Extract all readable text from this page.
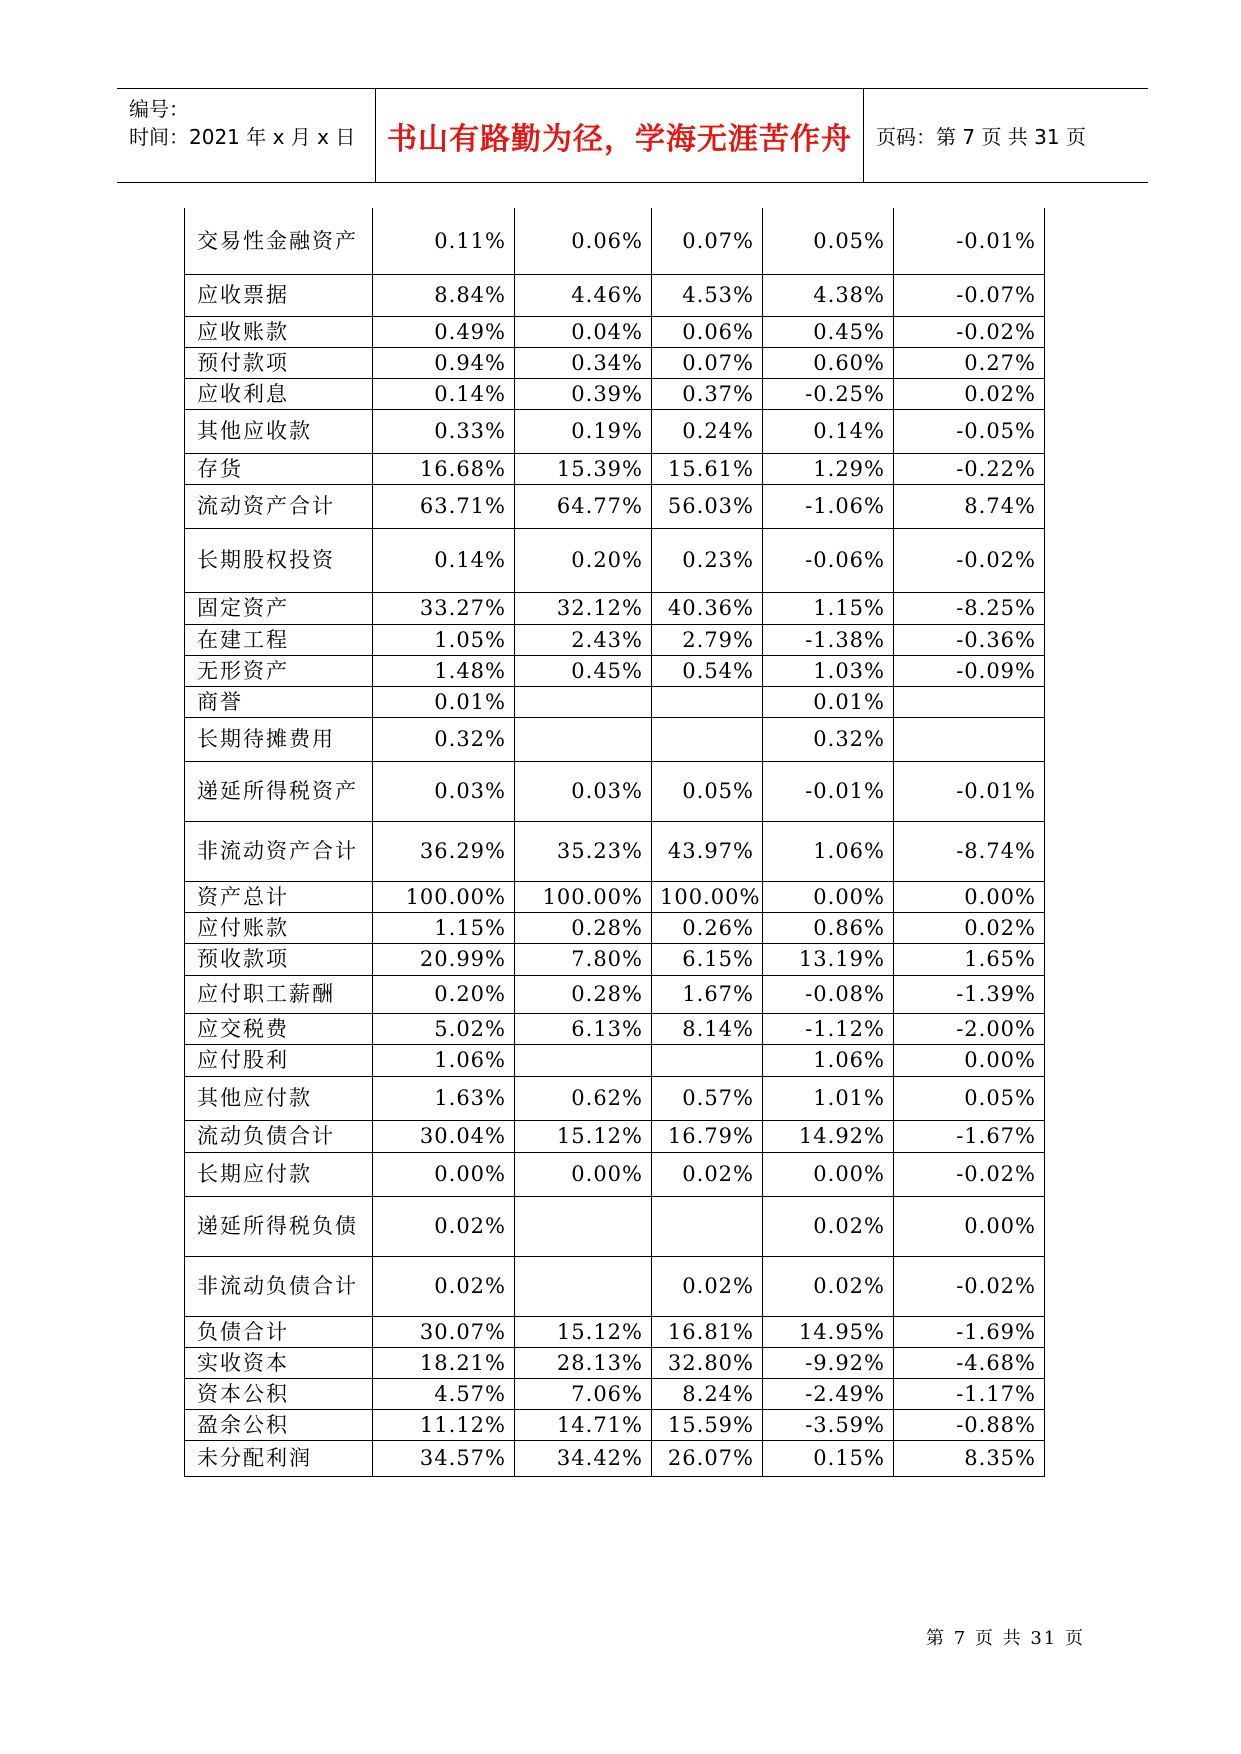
编号：
时间：2021 年 x 月 x 日	书山有路勤为径，学海无涯苦作舟	页码：第 7 页 共 31 页
交易性金融资产	0.11%	0.06%	0.07%	0.05%	-0.01%
应收票据	8.84%	4.46%	4.53%	4.38%	-0.07%
应收账款	0.49%	0.04%	0.06%	0.45%	-0.02%
预付款项	0.94%	0.34%	0.07%	0.60%	0.27%
应收利息	0.14%	0.39%	0.37%	-0.25%	0.02%
其他应收款	0.33%	0.19%	0.24%	0.14%	-0.05%
存货	16.68%	15.39%	15.61%	1.29%	-0.22%
流动资产合计	63.71%	64.77%	56.03%	-1.06%	8.74%
长期股权投资	0.14%	0.20%	0.23%	-0.06%	-0.02%
固定资产	33.27%	32.12%	40.36%	1.15%	-8.25%
在建工程	1.05%	2.43%	2.79%	-1.38%	-0.36%
无形资产	1.48%	0.45%	0.54%	1.03%	-0.09%
商誉	0.01%			0.01%	
长期待摊费用	0.32%			0.32%	
递延所得税资产	0.03%	0.03%	0.05%	-0.01%	-0.01%
非流动资产合计	36.29%	35.23%	43.97%	1.06%	-8.74%
资产总计	100.00%	100.00%	100.00%	0.00%	0.00%
应付账款	1.15%	0.28%	0.26%	0.86%	0.02%
预收款项	20.99%	7.80%	6.15%	13.19%	1.65%
应付职工薪酬	0.20%	0.28%	1.67%	-0.08%	-1.39%
应交税费	5.02%	6.13%	8.14%	-1.12%	-2.00%
应付股利	1.06%			1.06%	0.00%
其他应付款	1.63%	0.62%	0.57%	1.01%	0.05%
流动负债合计	30.04%	15.12%	16.79%	14.92%	-1.67%
长期应付款	0.00%	0.00%	0.02%	0.00%	-0.02%
递延所得税负债	0.02%			0.02%	0.00%
非流动负债合计	0.02%		0.02%	0.02%	-0.02%
负债合计	30.07%	15.12%	16.81%	14.95%	-1.69%
实收资本	18.21%	28.13%	32.80%	-9.92%	-4.68%
资本公积	4.57%	7.06%	8.24%	-2.49%	-1.17%
盈余公积	11.12%	14.71%	15.59%	-3.59%	-0.88%
未分配利润	34.57%	34.42%	26.07%	0.15%	8.35%
第 7 页 共 31 页
